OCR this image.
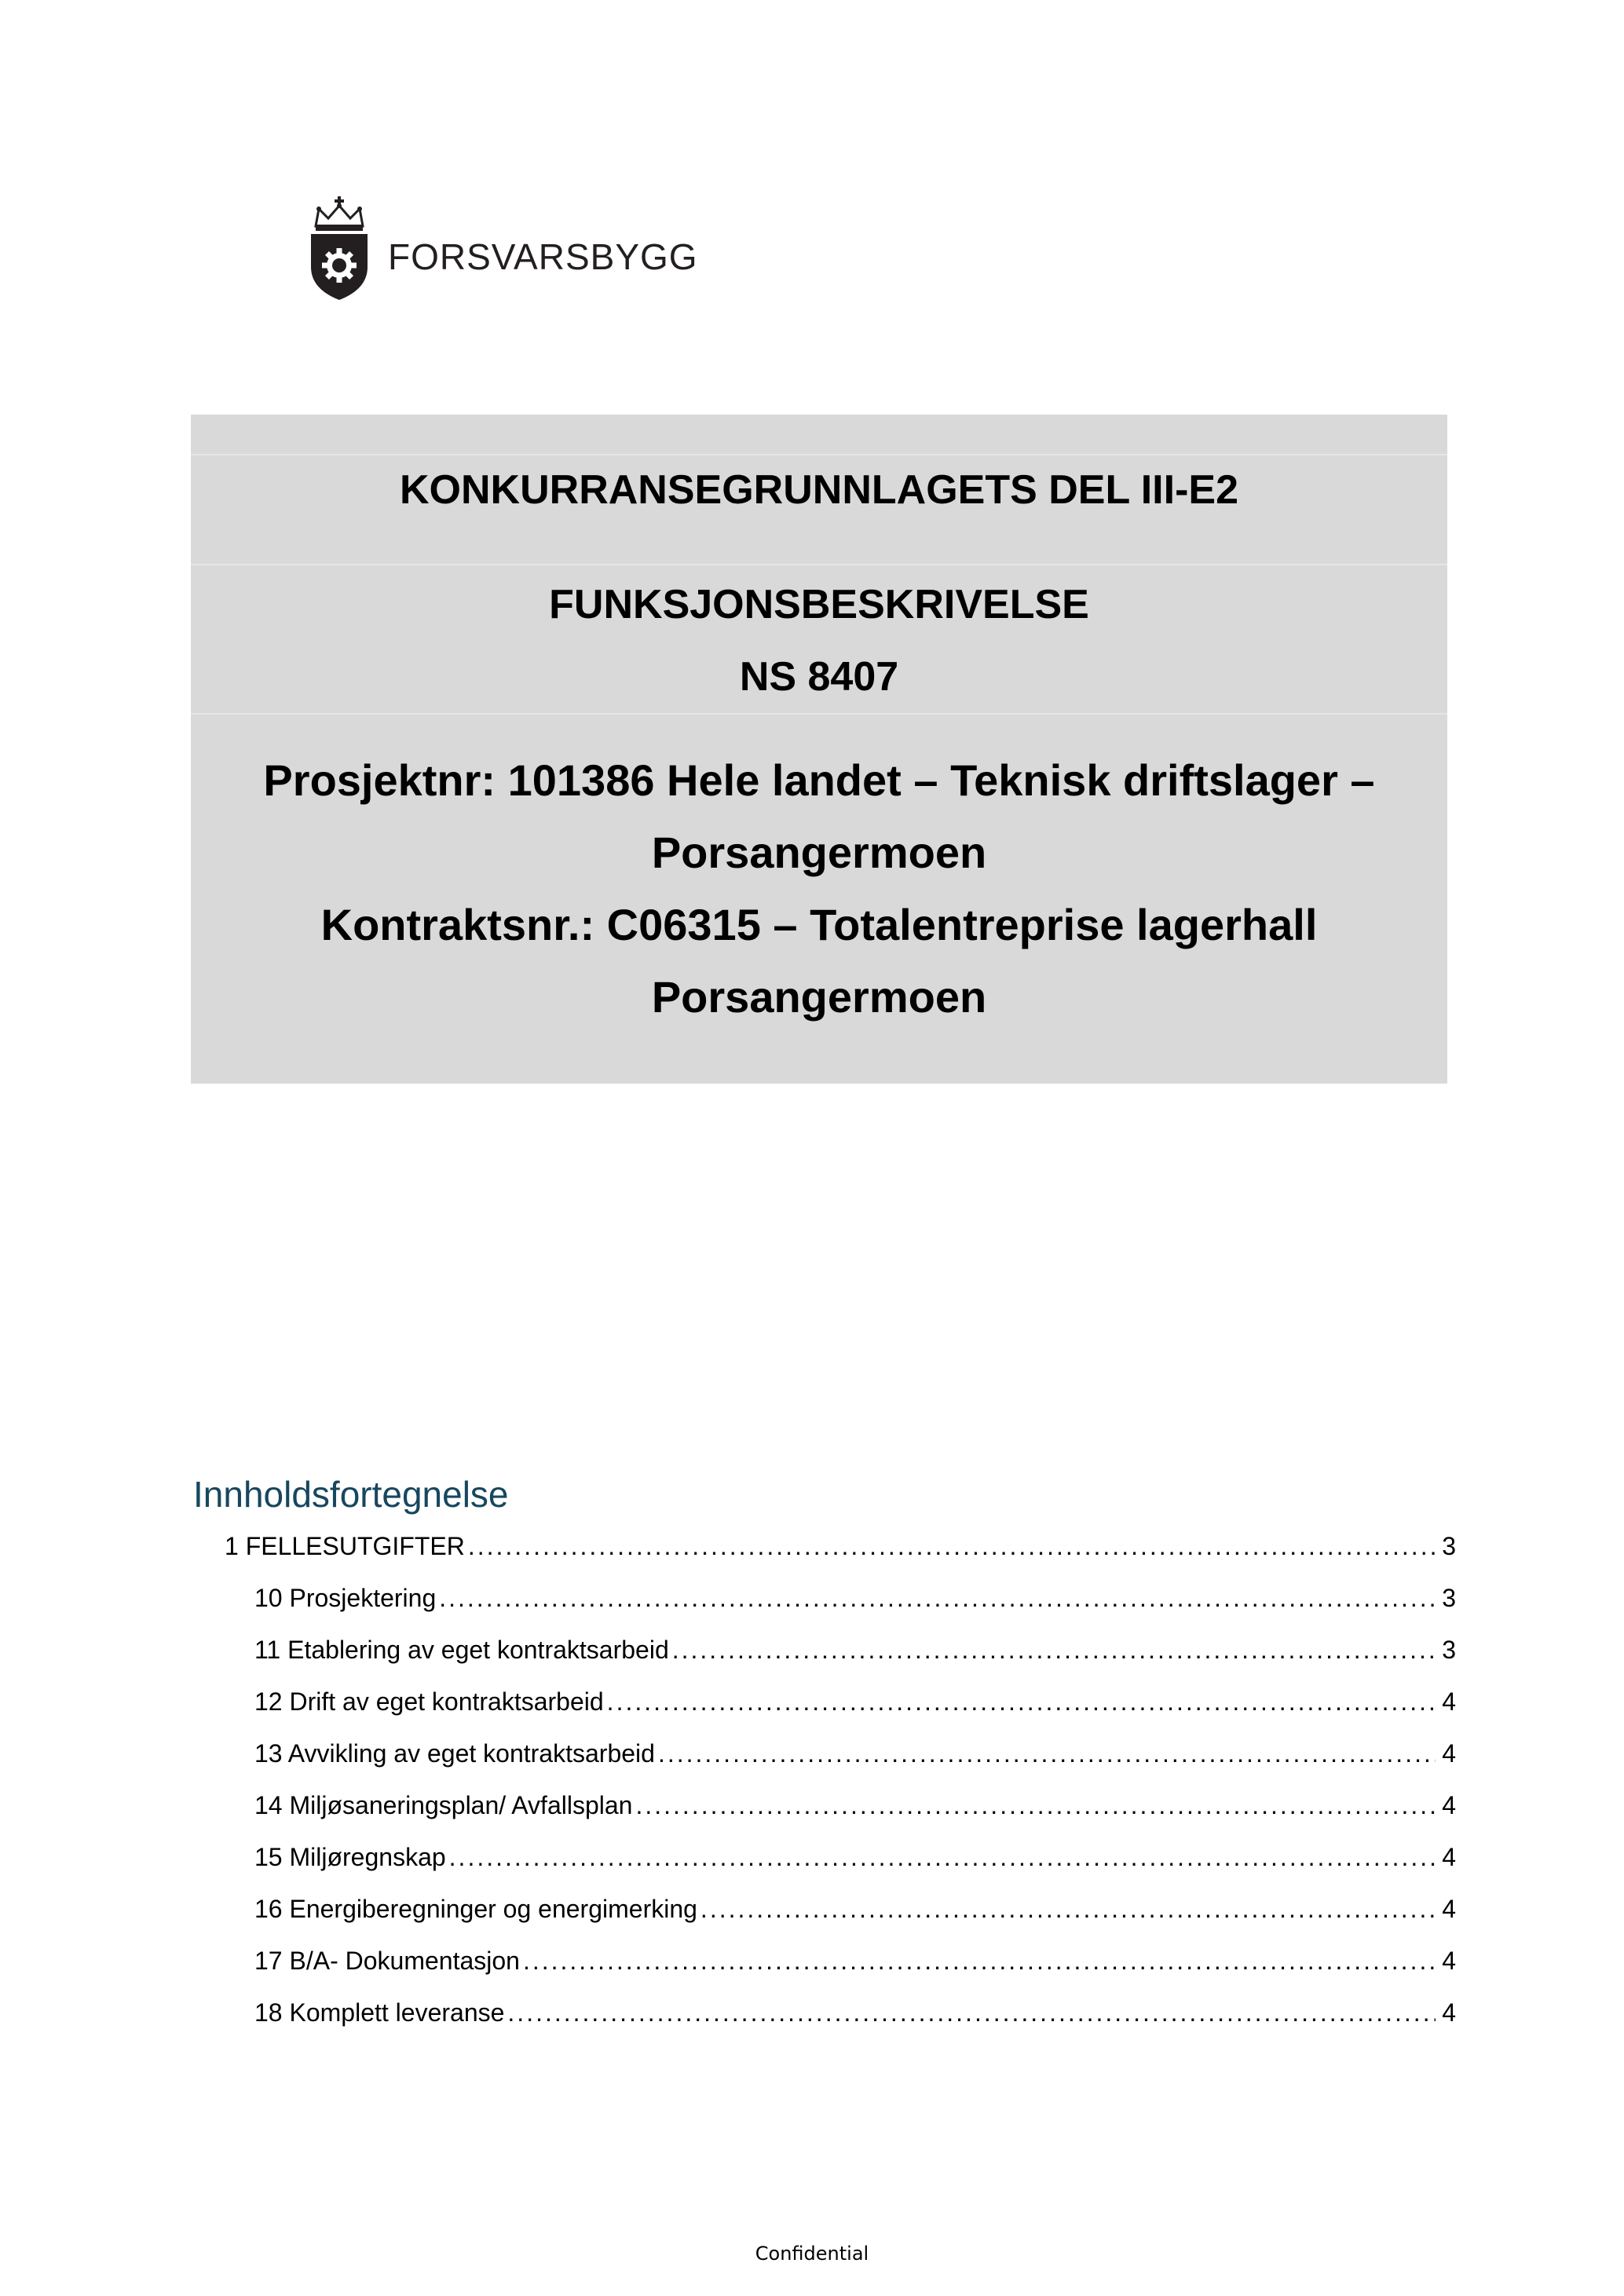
FORSVARSBYGG
KONKURRANSEGRUNNLAGETS DEL III-E2
FUNKSJONSBESKRIVELSE
NS 8407
Prosjektnr: 101386 Hele landet – Teknisk driftslager –
Porsangermoen
Kontraktsnr.: C06315 – Totalentreprise lagerhall
Porsangermoen
Innholdsfortegnelse
1 FELLESUTGIFTER .....	3
10 Prosjektering .....	3
11 Etablering av eget kontraktsarbeid .....	3
12 Drift av eget kontraktsarbeid .....	4
13 Avvikling av eget kontraktsarbeid .....	4
14 Miljøsaneringsplan/ Avfallsplan .....	4
15 Miljøregnskap .....	4
16 Energiberegninger og energimerking .....	4
17 B/A- Dokumentasjon .....	4
18 Komplett leveranse .....	4
Confidential
